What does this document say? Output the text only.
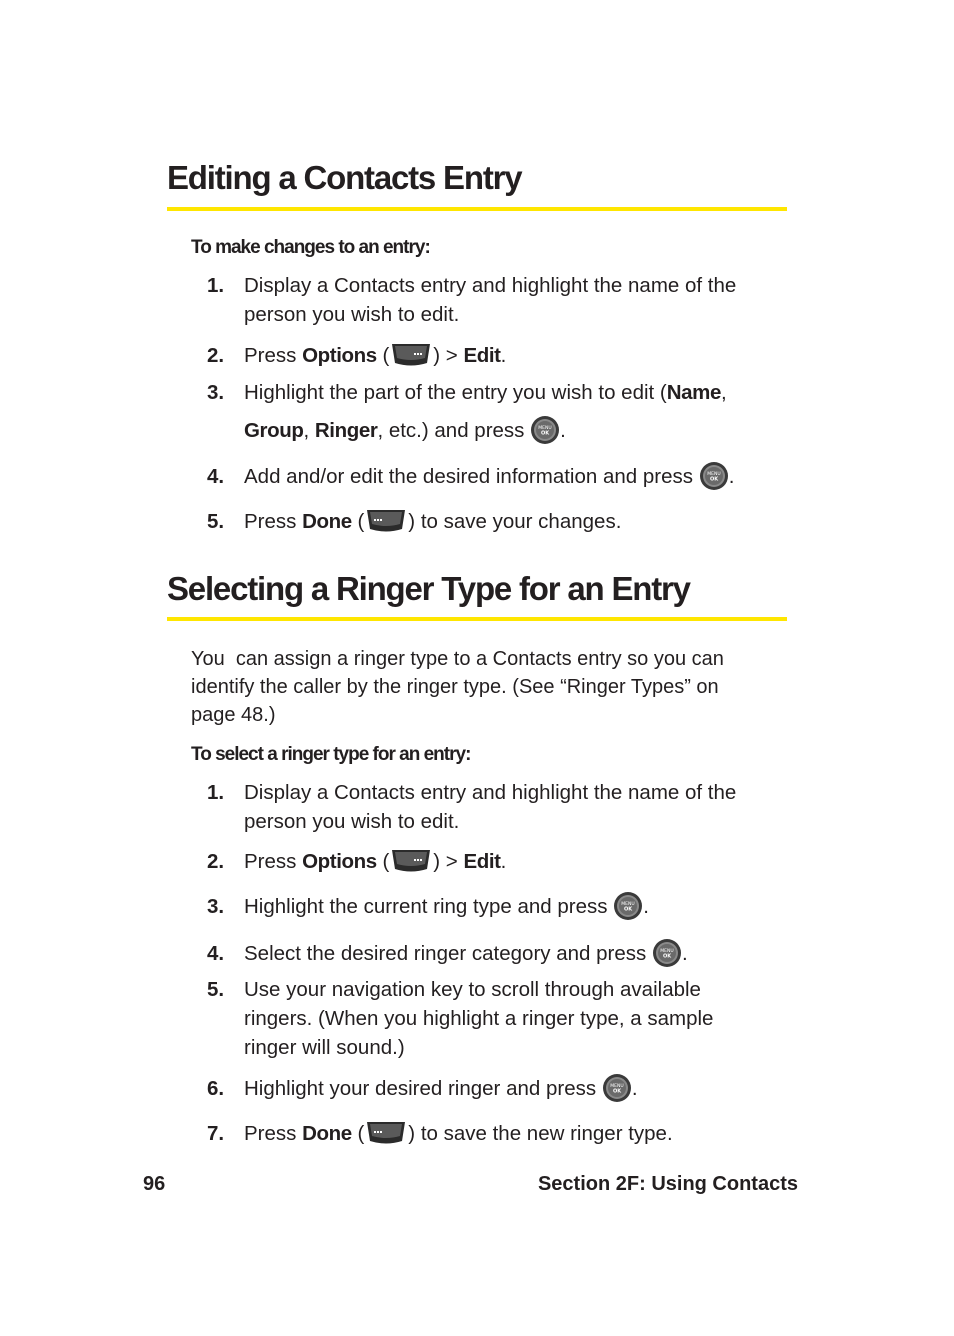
Editing a Contacts Entry
To make changes to an entry:
1. Display a Contacts entry and highlight the name of the
person you wish to edit.
2. Press Options ( ) > Edit.
3. Highlight the part of the entry you wish to edit (Name,
Group, Ringer, etc.) and press .
4. Add and/or edit the desired information and press .
5. Press Done ( ) to save your changes.
Selecting a Ringer Type for an Entry
You  can assign a ringer type to a Contacts entry so you can
identify the caller by the ringer type. (See “Ringer Types” on
page 48.)
To select a ringer type for an entry:
1. Display a Contacts entry and highlight the name of the
person you wish to edit.
2. Press Options ( ) > Edit.
3. Highlight the current ring type and press .
4. Select the desired ringer category and press .
5. Use your navigation key to scroll through available
ringers. (When you highlight a ringer type, a sample
ringer will sound.)
6. Highlight your desired ringer and press .
7. Press Done ( ) to save the new ringer type.
96	Section 2F: Using Contacts
